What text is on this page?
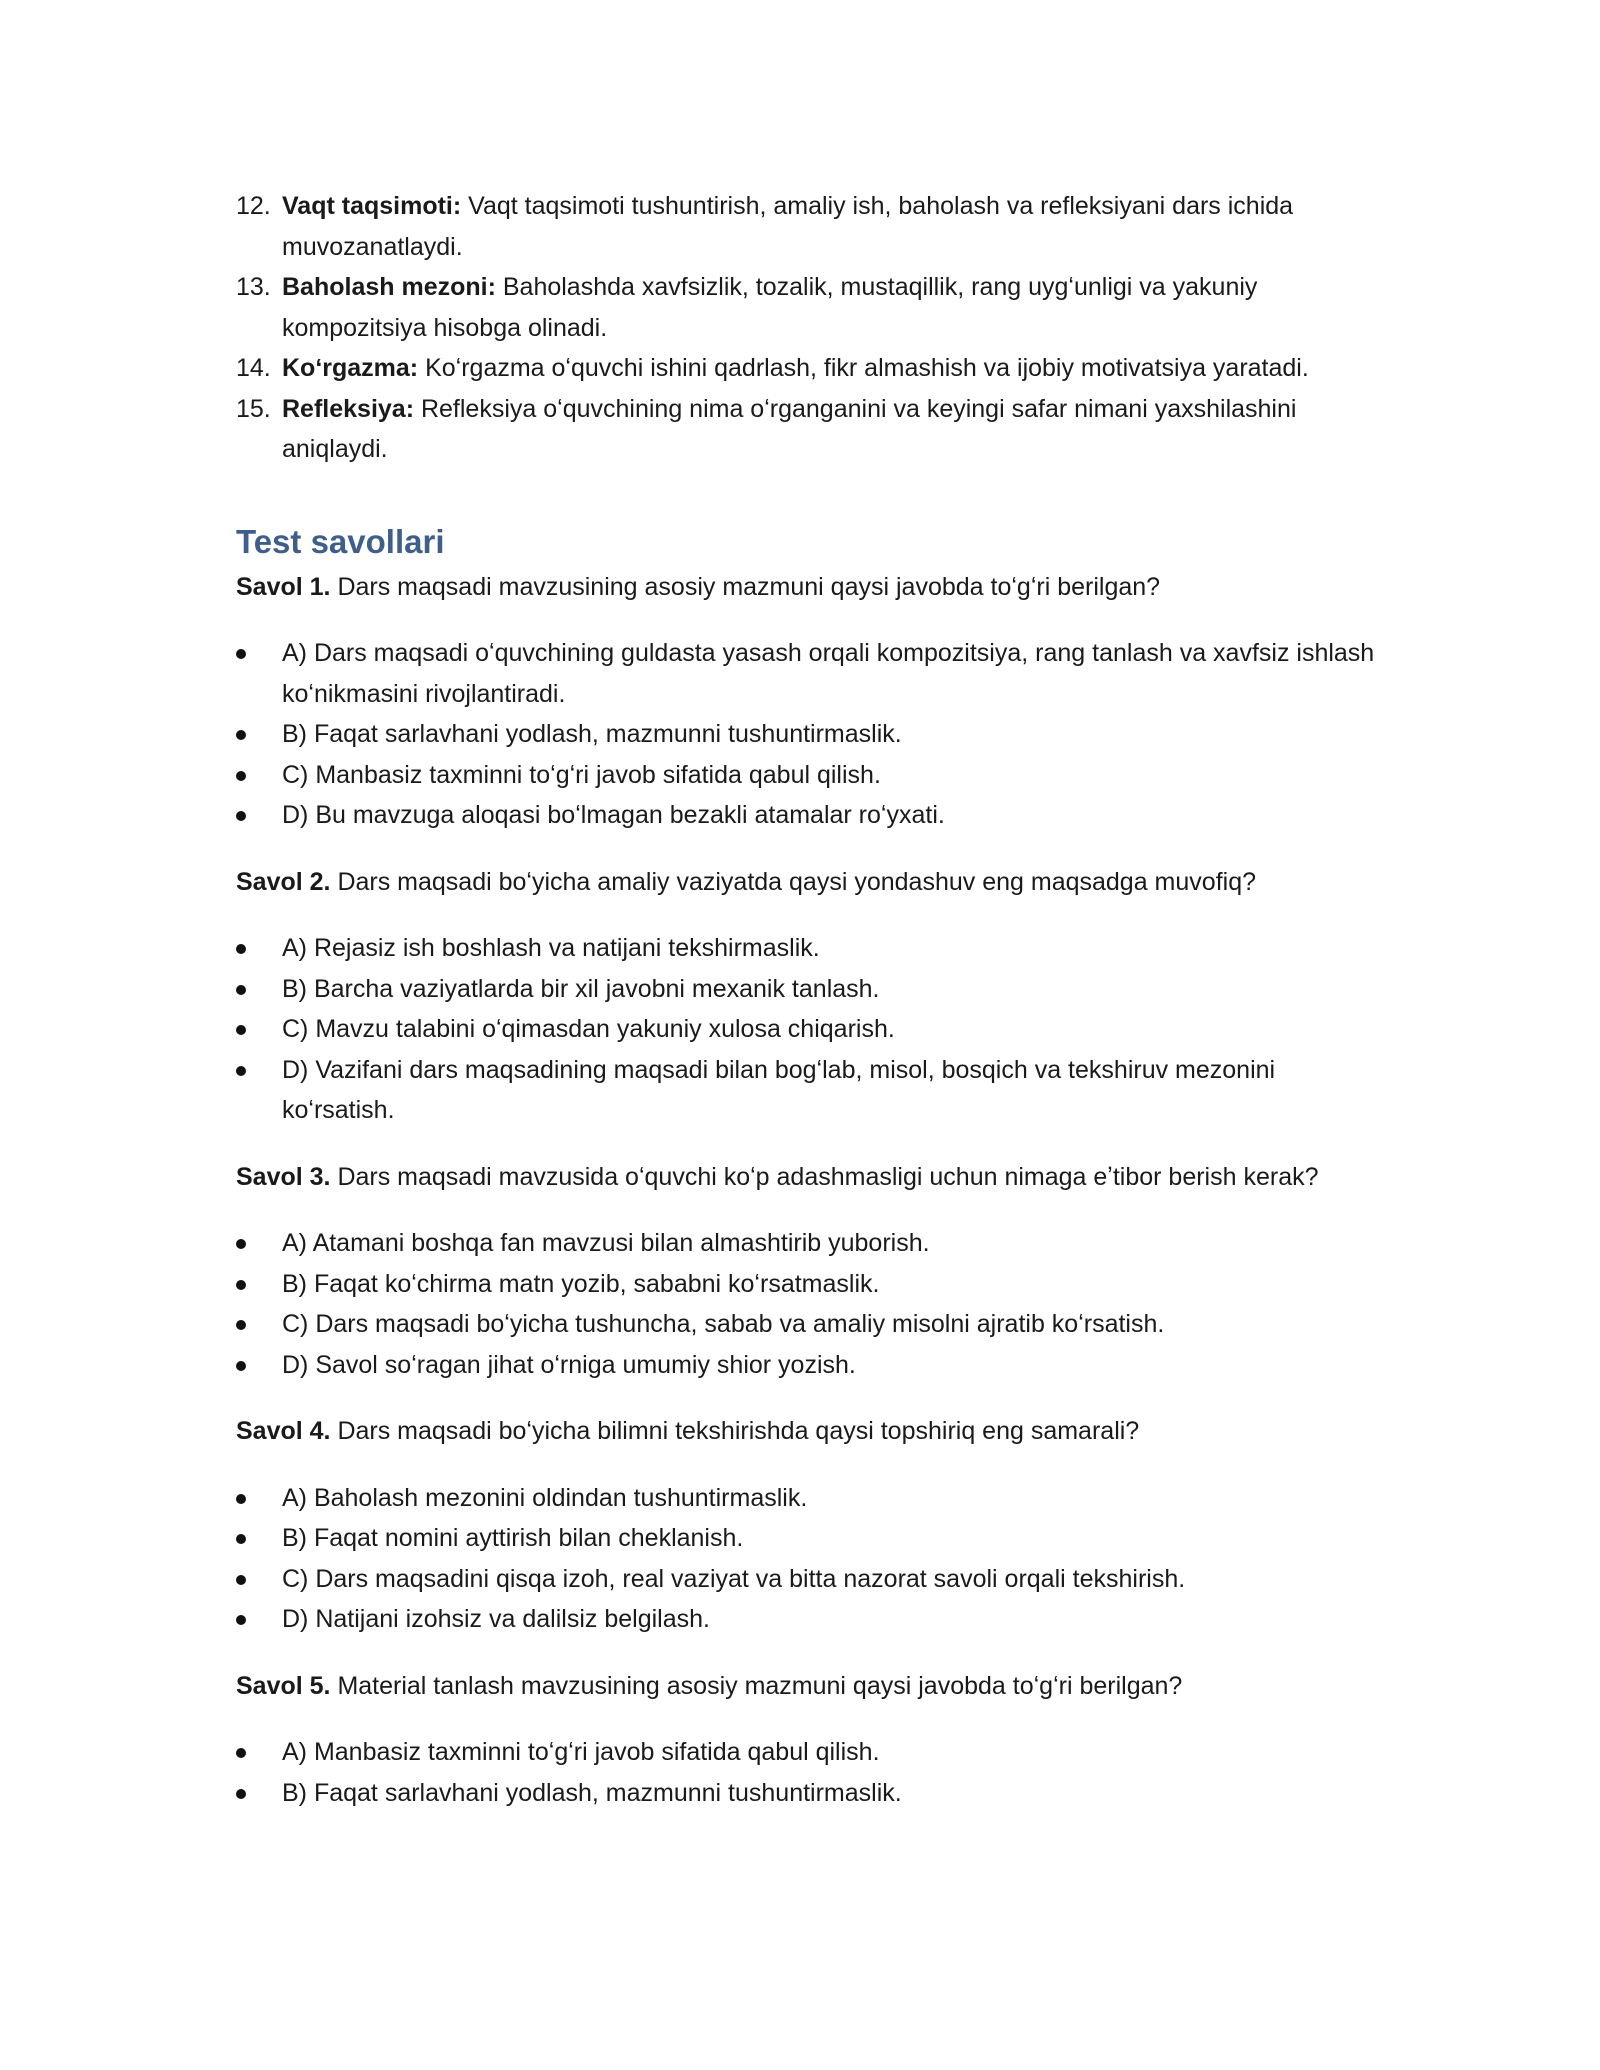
12. Vaqt taqsimoti: Vaqt taqsimoti tushuntirish, amaliy ish, baholash va refleksiyani dars ichida muvozanatlaydi.
13. Baholash mezoni: Baholashda xavfsizlik, tozalik, mustaqillik, rang uygʻunligi va yakuniy kompozitsiya hisobga olinadi.
14. Koʻrgazma: Koʻrgazma oʻquvchi ishini qadrlash, fikr almashish va ijobiy motivatsiya yaratadi.
15. Refleksiya: Refleksiya oʻquvchining nima oʻrganganini va keyingi safar nimani yaxshilashini aniqlaydi.
Test savollari

Savol 1. Dars maqsadi mavzusining asosiy mazmuni qaysi javobda toʻgʻri berilgan?

A) Dars maqsadi oʻquvchining guldasta yasash orqali kompozitsiya, rang tanlash va xavfsiz ishlash koʻnikmasini rivojlantiradi.
B) Faqat sarlavhani yodlash, mazmunni tushuntirmaslik.
C) Manbasiz taxminni toʻgʻri javob sifatida qabul qilish.
D) Bu mavzuga aloqasi boʻlmagan bezakli atamalar roʻyxati.

Savol 2. Dars maqsadi boʻyicha amaliy vaziyatda qaysi yondashuv eng maqsadga muvofiq?

A) Rejasiz ish boshlash va natijani tekshirmaslik.
B) Barcha vaziyatlarda bir xil javobni mexanik tanlash.
C) Mavzu talabini oʻqimasdan yakuniy xulosa chiqarish.
D) Vazifani dars maqsadining maqsadi bilan bogʻlab, misol, bosqich va tekshiruv mezonini koʻrsatish.

Savol 3. Dars maqsadi mavzusida oʻquvchi koʻp adashmasligi uchun nimaga eʼtibor berish kerak?

A) Atamani boshqa fan mavzusi bilan almashtirib yuborish.
B) Faqat koʻchirma matn yozib, sababni koʻrsatmaslik.
C) Dars maqsadi boʻyicha tushuncha, sabab va amaliy misolni ajratib koʻrsatish.
D) Savol soʻragan jihat oʻrniga umumiy shior yozish.

Savol 4. Dars maqsadi boʻyicha bilimni tekshirishda qaysi topshiriq eng samarali?

A) Baholash mezonini oldindan tushuntirmaslik.
B) Faqat nomini ayttirish bilan cheklanish.
C) Dars maqsadini qisqa izoh, real vaziyat va bitta nazorat savoli orqali tekshirish.
D) Natijani izohsiz va dalilsiz belgilash.

Savol 5. Material tanlash mavzusining asosiy mazmuni qaysi javobda toʻgʻri berilgan?

A) Manbasiz taxminni toʻgʻri javob sifatida qabul qilish.
B) Faqat sarlavhani yodlash, mazmunni tushuntirmaslik.
